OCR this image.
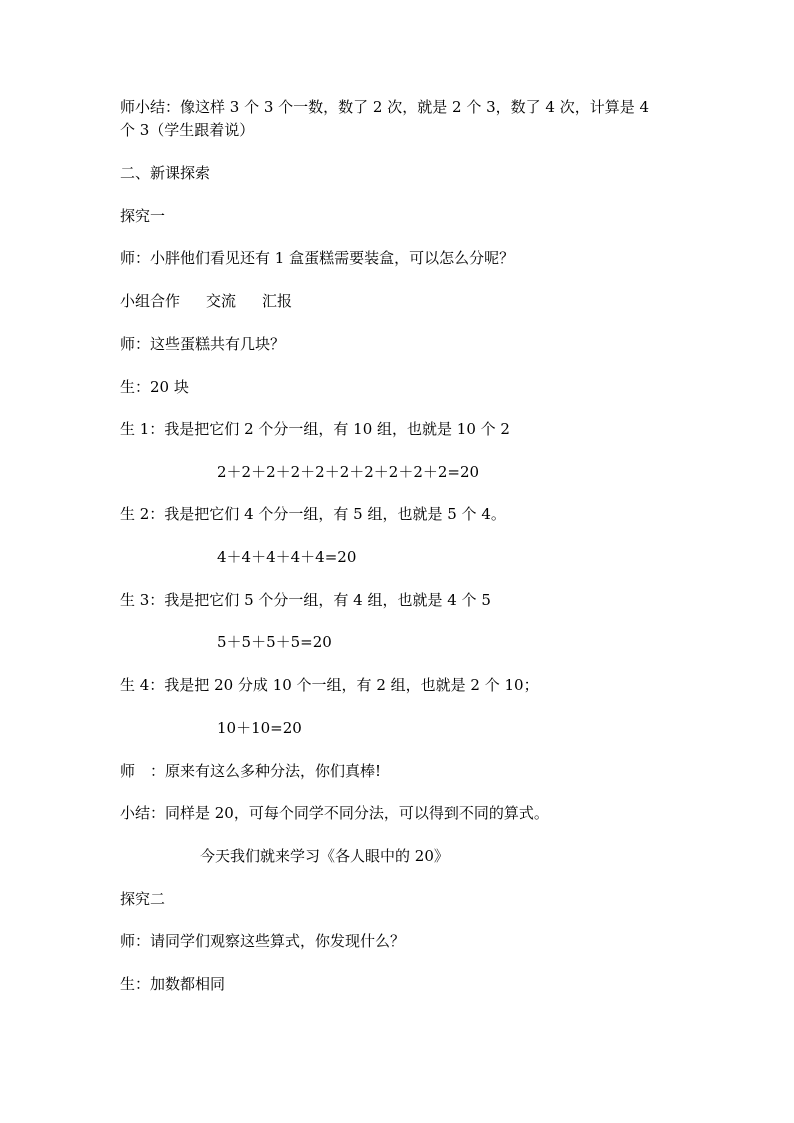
师小结：像这样 3 个 3 个一数，数了 2 次，就是 2 个 3，数了 4 次，计算是 4

个 3（学生跟着说）

二、新课探索

探究一

师：小胖他们看见还有 1 盒蛋糕需要装盒，可以怎么分呢？

小组合作 交流 汇报

师：这些蛋糕共有几块？

生：20 块

生 1：我是把它们 2 个分一组，有 10 组，也就是 10 个 2

2＋2＋2＋2＋2＋2＋2＋2＋2＋2=20

生 2：我是把它们 4 个分一组，有 5 组，也就是 5 个 4。

4＋4＋4＋4＋4=20

生 3：我是把它们 5 个分一组，有 4 组，也就是 4 个 5

5＋5＋5＋5=20

生 4：我是把 20 分成 10 个一组，有 2 组，也就是 2 个 10；

10＋10=20

师　：原来有这么多种分法，你们真棒!

小结：同样是 20，可每个同学不同分法，可以得到不同的算式。

今天我们就来学习《各人眼中的 20》

探究二

师：请同学们观察这些算式，你发现什么？

生：加数都相同
